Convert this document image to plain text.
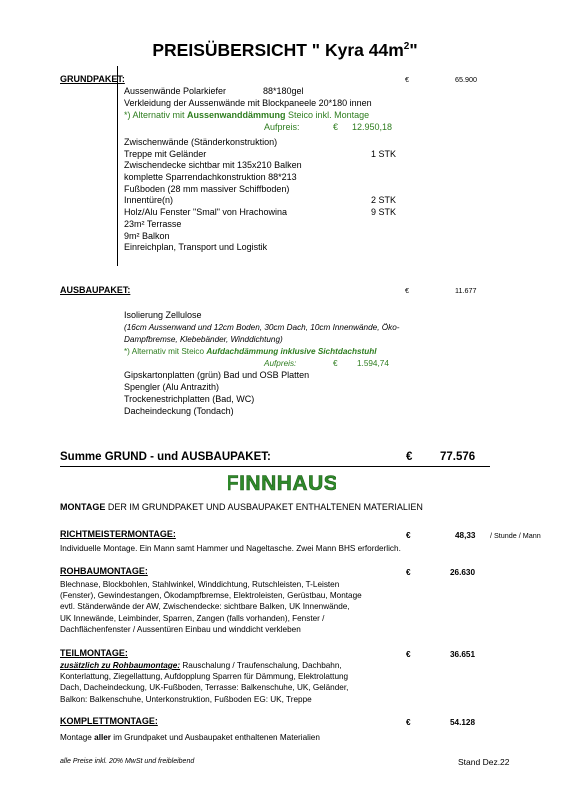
PREISÜBERSICHT " Kyra $44m^2$"
GRUNDPAKET:	€	65.900
Aussenwände Polarkiefer	88*180gel
Verkleidung der Aussenwände mit Blockpaneele 20*180 innen
*) Alternativ mit Aussenwanddämmung Steico inkl. Montage
Aufpreis:	€ 12.950,18
Zwischenwände (Ständerkonstruktion)
Treppe mit Geländer	1 STK
Zwischendecke sichtbar mit 135x210 Balken
komplette Sparrendachkonstruktion 88*213
Fußboden (28 mm massiver Schiffboden)
Innentüre(n)	2 STK
Holz/Alu Fenster "Smal" von Hrachowina	9 STK
23m² Terrasse
9m² Balkon
Einreichplan, Transport und Logistik
AUSBAUPAKET:	€	11.677
Isolierung Zellulose
(16cm Aussenwand und 12cm Boden, 30cm Dach, 10cm Innenwände, Öko-
Dampfbremse, Klebebänder, Winddichtung)
*) Alternativ mit Steico Aufdachdämmung inklusive Sichtdachstuhl
Aufpreis:	€ 1.594,74
Gipskartonplatten (grün) Bad und OSB Platten
Spengler (Alu Antrazith)
Trockenestrichplatten (Bad, WC)
Dacheindeckung (Tondach)
Summe GRUND - und AUSBAUPAKET:	€ 77.576
FINNHAUS
MONTAGE DER IM GRUNDPAKET UND AUSBAUPAKET ENTHALTENEN MATERIALIEN
RICHTMEISTERMONTAGE:	€	48,33 / Stunde / Mann
Individuelle Montage. Ein Mann samt Hammer und Nageltasche. Zwei Mann BHS erforderlich.
ROHBAUMONTAGE:	€	26.630
Blechnase, Blockbohlen, Stahlwinkel, Winddichtung, Rutschleisten, T-Leisten
(Fenster), Gewindestangen, Ökodampfbremse, Elektroleisten, Gerüstbau, Montage
evtl. Ständerwände der AW, Zwischendecke: sichtbare Balken, UK Innenwände,
UK Innewände, Leimbinder, Sparren, Zangen (falls vorhanden), Fenster /
Dachflächenfenster / Aussentüren Einbau und winddicht verkleben
TEILMONTAGE:	€	36.651
zusätzlich zu Rohbaumontage: Rauschalung / Traufenschalung, Dachbahn,
Konterlattung, Ziegellattung, Aufdopplung Sparren für Dämmung, Elektrolattung
Dach, Dacheindeckung, UK-Fußboden, Terrasse: Balkenschuhe, UK, Geländer,
Balkon: Balkenschuhe, Unterkonstruktion, Fußboden EG: UK, Treppe
KOMPLETTMONTAGE:	€	54.128
Montage aller im Grundpaket und Ausbaupaket enthaltenen Materialien
alle Preise inkl. 20% MwSt und freibleibend	Stand Dez.22
